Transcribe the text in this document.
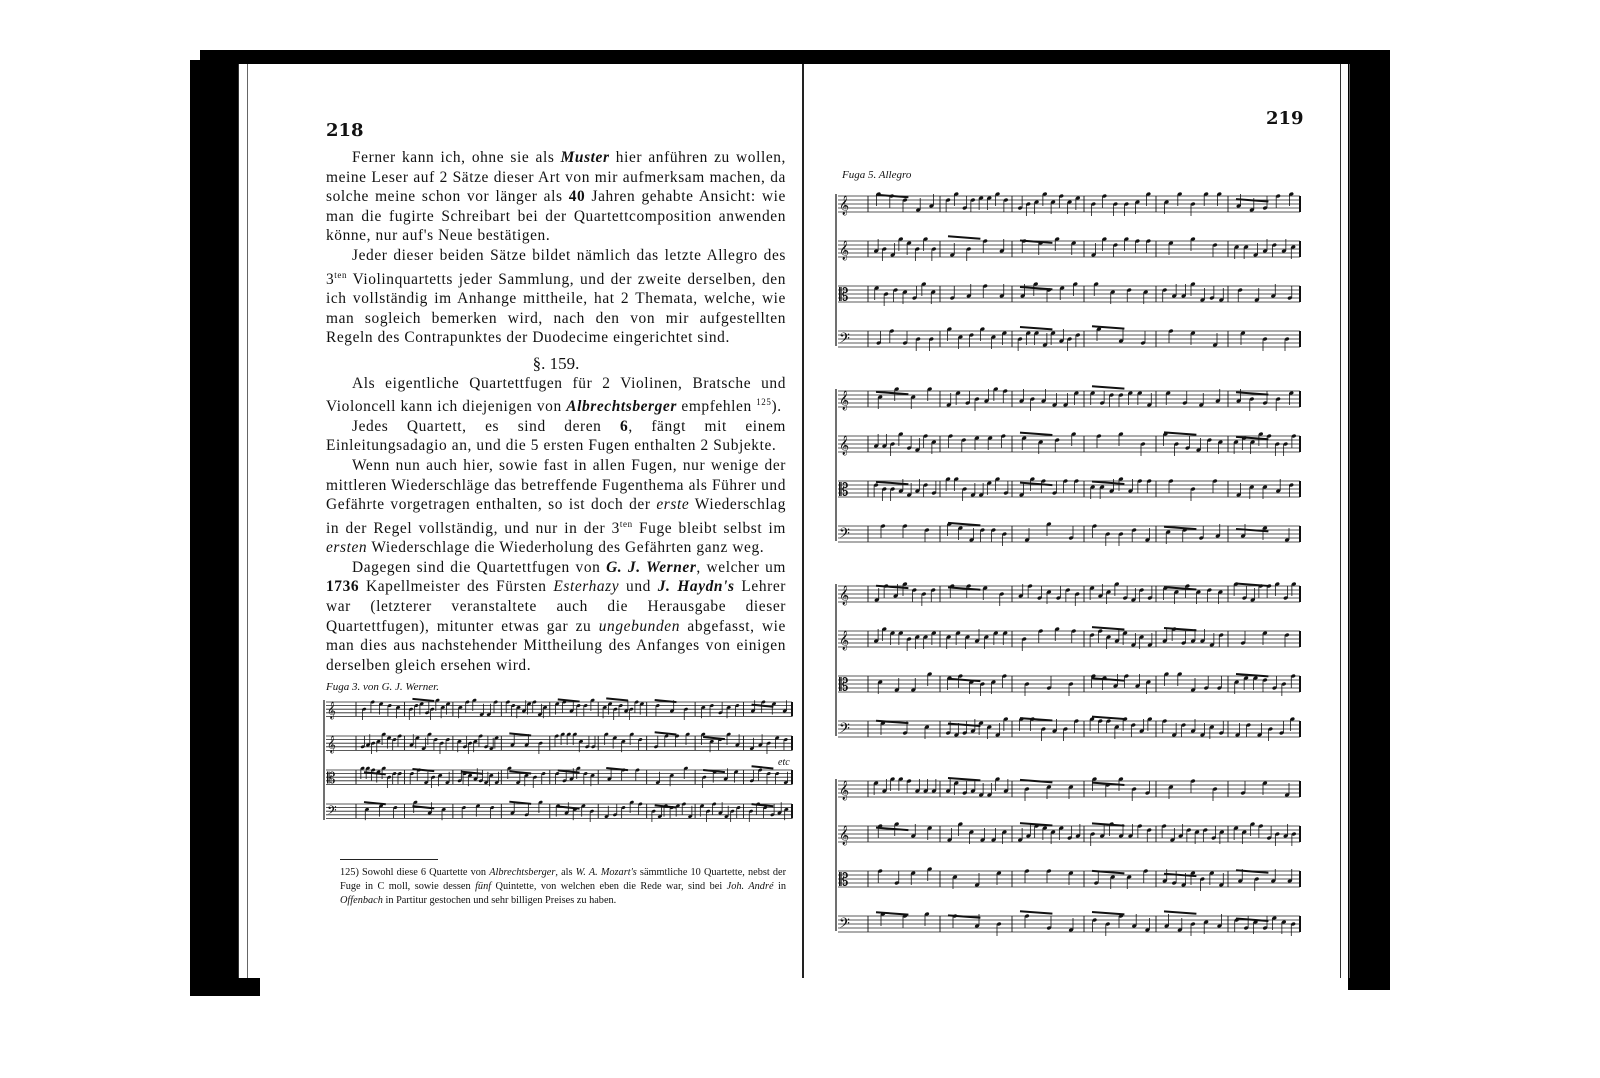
218
219

Ferner kann ich, ohne sie als Muster hier anführen zu wollen, meine Leser auf 2 Sätze dieser Art von mir aufmerksam machen, da solche meine schon vor länger als 40 Jahren gehabte Ansicht: wie man die fugirte Schreibart bei der Quartettcomposition anwenden könne, nur auf's Neue bestätigen.

Jeder dieser beiden Sätze bildet nämlich das letzte Allegro des $3^{ten}$ Violinquartetts jeder Sammlung, und der zweite derselben, den ich vollständig im Anhange mittheile, hat 2 Themata, welche, wie man sogleich bemerken wird, nach den von mir aufgestellten Regeln des Contrapunktes der Duodecime eingerichtet sind.

§. 159.

Als eigentliche Quartettfugen für 2 Violinen, Bratsche und Violoncell kann ich diejenigen von Albrechtsberger empfehlen $^{125}$).

Jedes Quartett, es sind deren 6, fängt mit einem Einleitungsadagio an, und die 5 ersten Fugen enthalten 2 Subjekte.

Wenn nun auch hier, sowie fast in allen Fugen, nur wenige der mittleren Wiederschläge das betreffende Fugenthema als Führer und Gefährte vorgetragen enthalten, so ist doch der erste Wiederschlag in der Regel vollständig, und nur in der $3^{ten}$ Fuge bleibt selbst im ersten Wiederschlage die Wiederholung des Gefährten ganz weg.

Dagegen sind die Quartettfugen von G. J. Werner, welcher um 1736 Kapellmeister des Fürsten Esterhazy und J. Haydn's Lehrer war (letzterer veranstaltete auch die Herausgabe dieser Quartettfugen), mitunter etwas gar zu ungebunden abgefasst, wie man dies aus nachstehender Mittheilung des Anfanges von einigen derselben gleich ersehen wird.

Fuga 3. von G. J. Werner.
𝄞
𝄞
𝄡
𝄢
etc
Fuga 5. Allegro
𝄞
𝄞
𝄡
𝄢
𝄞
𝄞
𝄡
𝄢
𝄞
𝄞
𝄡
𝄢
𝄞
𝄞
𝄡
𝄢
125) Sowohl diese 6 Quartette von Albrechtsberger, als W. A. Mozart's sämmtliche 10 Quartette, nebst der Fuge in C moll, sowie dessen fünf Quintette, von welchen eben die Rede war, sind bei Joh. André in Offenbach in Partitur gestochen und sehr billigen Preises zu haben.
